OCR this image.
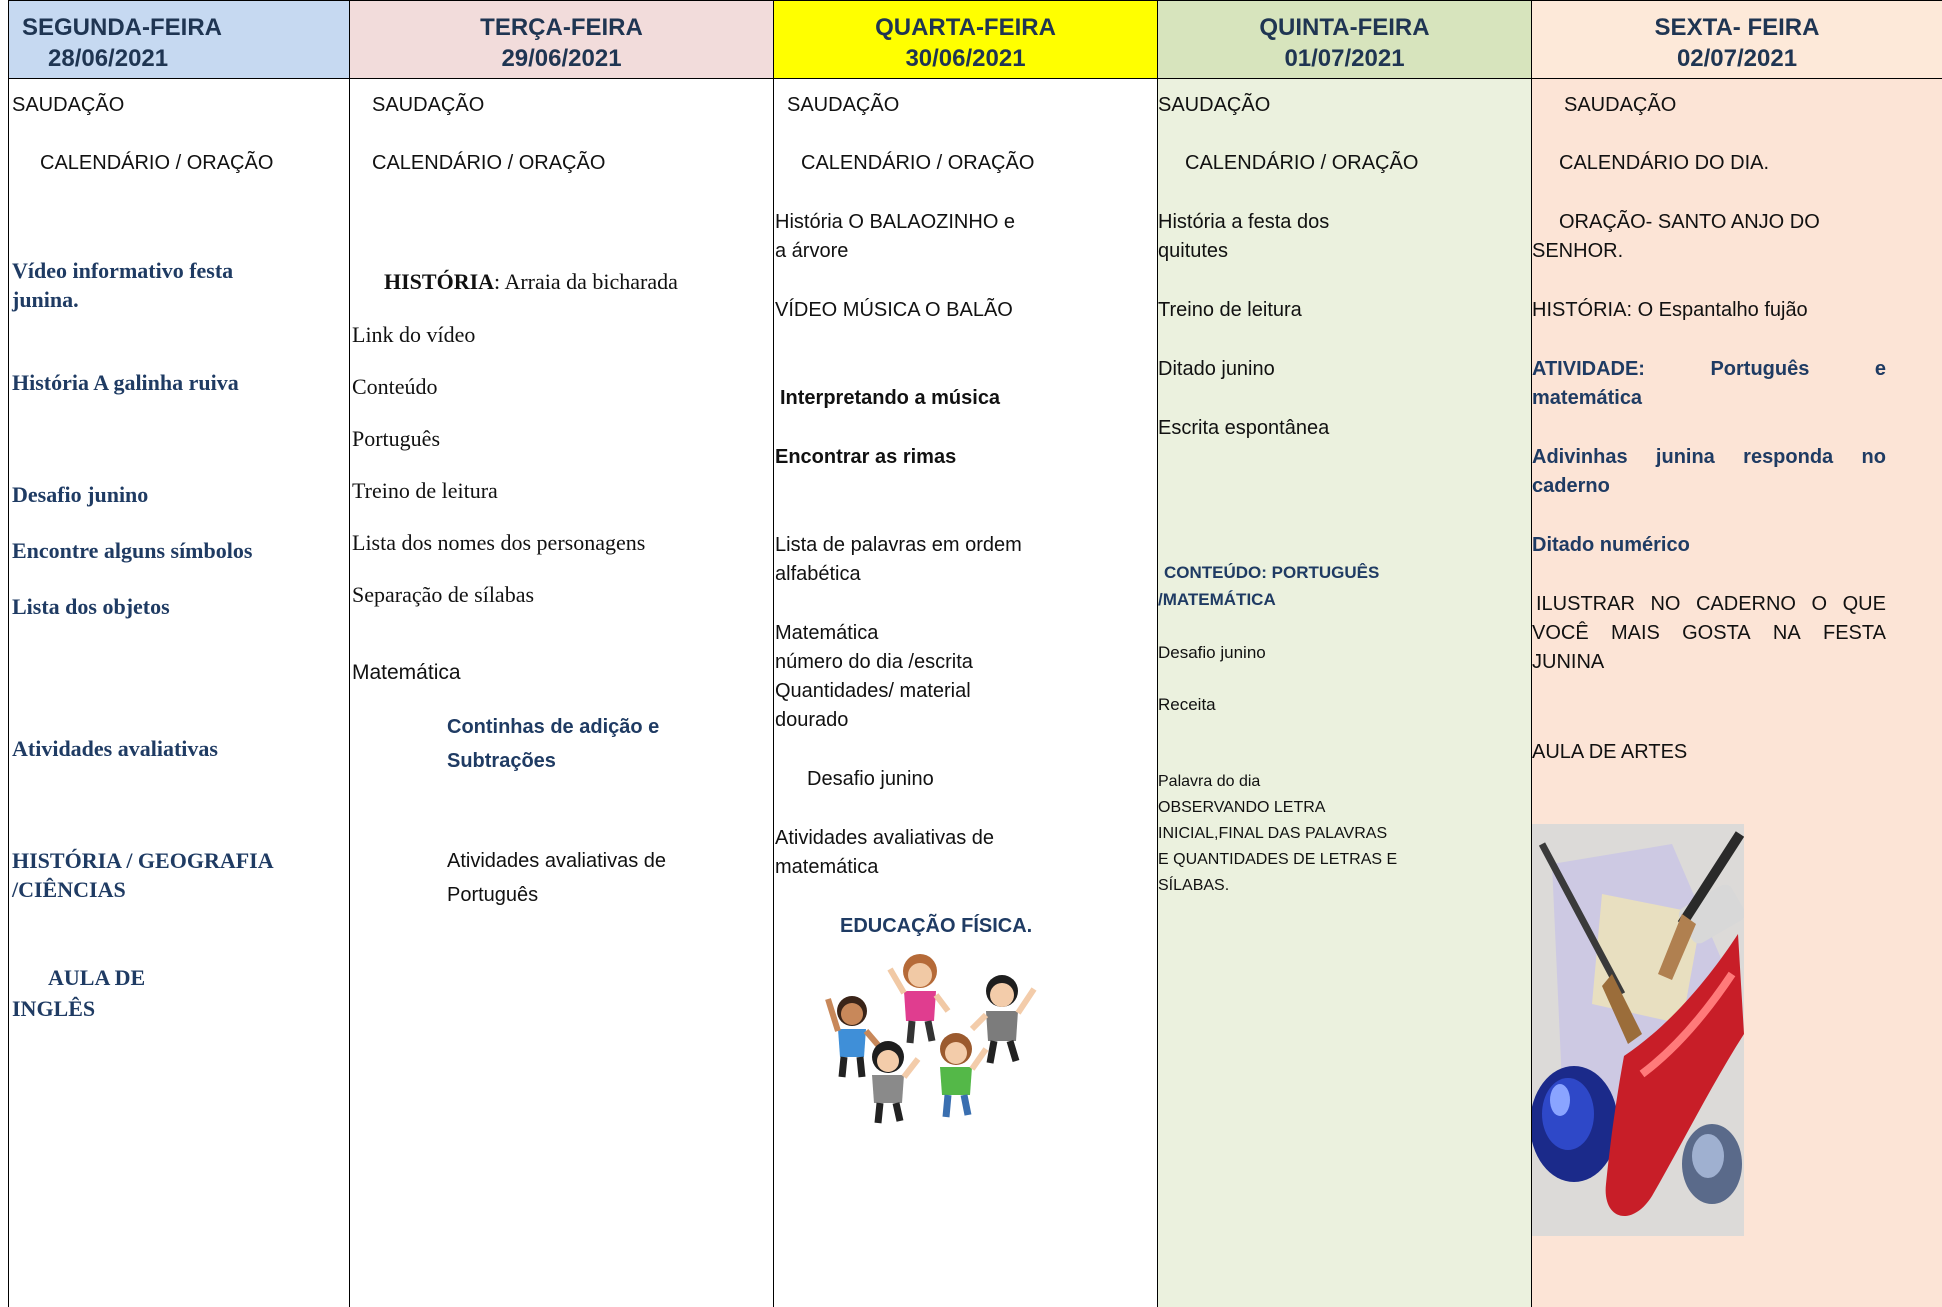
SEGUNDA-FEIRA
28/06/2021
SAUDAÇÃO
CALENDÁRIO / ORAÇÃO
Vídeo informativo festa
junina.
História A galinha ruiva
Desafio junino
Encontre alguns símbolos
Lista dos objetos
Atividades avaliativas
HISTÓRIA / GEOGRAFIA
/CIÊNCIAS
AULA DE
INGLÊS
TERÇA-FEIRA
29/06/2021
SAUDAÇÃO
CALENDÁRIO / ORAÇÃO
HISTÓRIA: Arraia da bicharada
Link do vídeo
Conteúdo
Português
Treino de leitura
Lista dos nomes dos personagens
Separação de sílabas
Matemática
Continhas de adição e
Subtrações
Atividades avaliativas de
Português
QUARTA-FEIRA
30/06/2021
SAUDAÇÃO
CALENDÁRIO / ORAÇÃO
História O BALAOZINHO e
a árvore
VÍDEO MÚSICA O BALÃO
Interpretando a música
Encontrar as rimas
Lista de palavras em ordem
alfabética
Matemática
número do dia /escrita
Quantidades/ material
dourado
Desafio junino
Atividades avaliativas de
matemática
EDUCAÇÃO FÍSICA.
QUINTA-FEIRA
01/07/2021
SAUDAÇÃO
CALENDÁRIO / ORAÇÃO
História a festa dos
quitutes
Treino de leitura
Ditado junino
Escrita espontânea
CONTEÚDO: PORTUGUÊS
/MATEMÁTICA
Desafio junino
Receita
Palavra do dia
OBSERVANDO LETRA
INICIAL,FINAL DAS PALAVRAS
E QUANTIDADES DE LETRAS E
SÍLABAS.
SEXTA- FEIRA
02/07/2021
SAUDAÇÃO
CALENDÁRIO DO DIA.
ORAÇÃO- SANTO ANJO DO
SENHOR.
HISTÓRIA: O Espantalho fujão
ATIVIDADE:	Português	e
matemática
Adivinhas junina responda no
caderno
Ditado numérico
ILUSTRAR NO CADERNO O QUE
VOCÊ MAIS GOSTA NA FESTA
JUNINA
AULA DE ARTES
